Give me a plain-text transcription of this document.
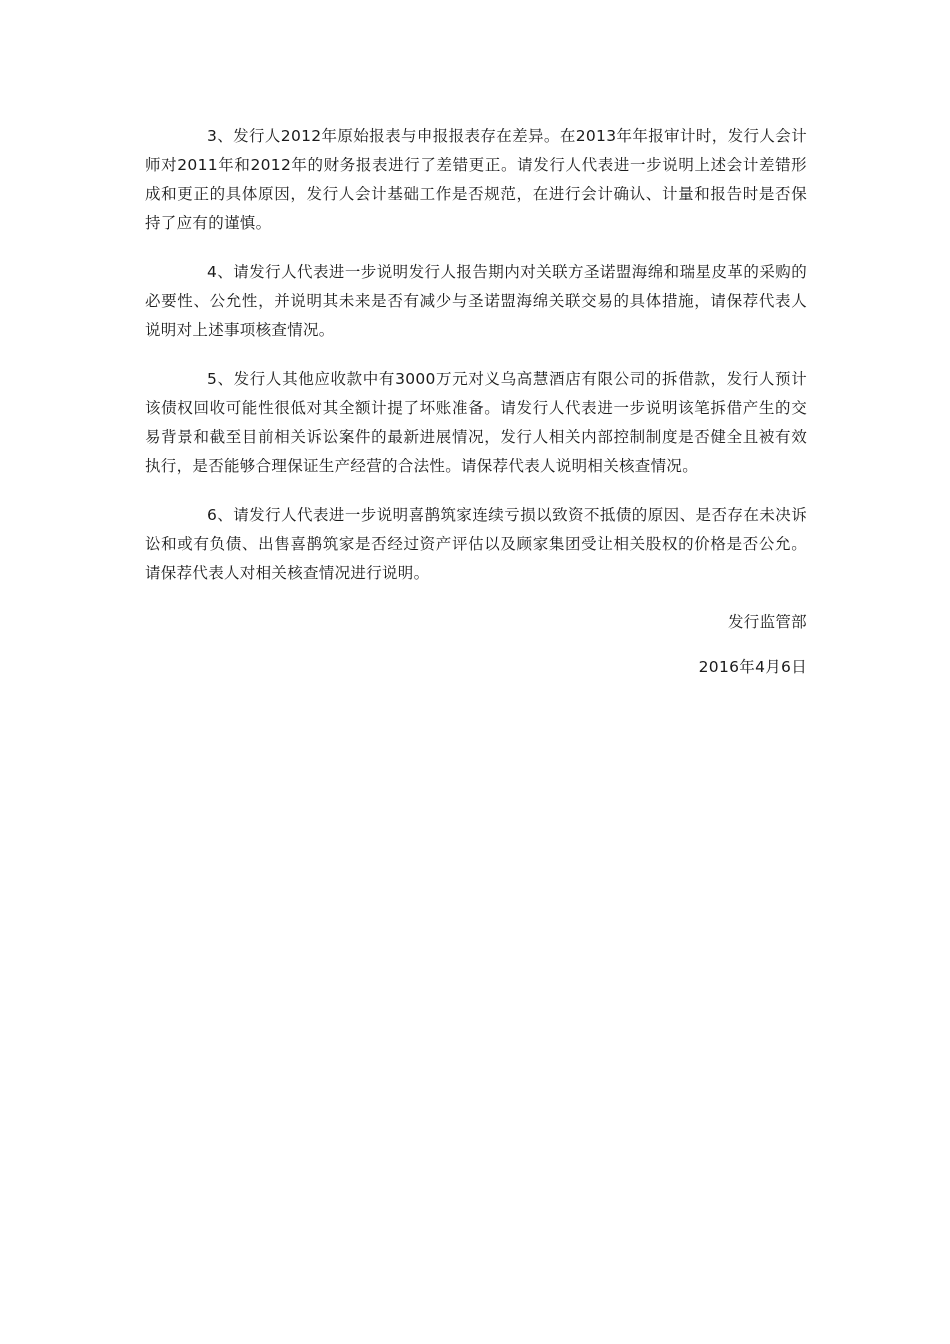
3、发行人2012年原始报表与申报报表存在差异。在2013年年报审计时，发行人会计师对2011年和2012年的财务报表进行了差错更正。请发行人代表进一步说明上述会计差错形成和更正的具体原因，发行人会计基础工作是否规范，在进行会计确认、计量和报告时是否保持了应有的谨慎。

4、请发行人代表进一步说明发行人报告期内对关联方圣诺盟海绵和瑞星皮革的采购的必要性、公允性，并说明其未来是否有减少与圣诺盟海绵关联交易的具体措施，请保荐代表人说明对上述事项核查情况。

5、发行人其他应收款中有3000万元对义乌高慧酒店有限公司的拆借款，发行人预计该债权回收可能性很低对其全额计提了坏账准备。请发行人代表进一步说明该笔拆借产生的交易背景和截至目前相关诉讼案件的最新进展情况，发行人相关内部控制制度是否健全且被有效执行，是否能够合理保证生产经营的合法性。请保荐代表人说明相关核查情况。

6、请发行人代表进一步说明喜鹊筑家连续亏损以致资不抵债的原因、是否存在未决诉讼和或有负债、出售喜鹊筑家是否经过资产评估以及顾家集团受让相关股权的价格是否公允。请保荐代表人对相关核查情况进行说明。

发行监管部

2016年4月6日
